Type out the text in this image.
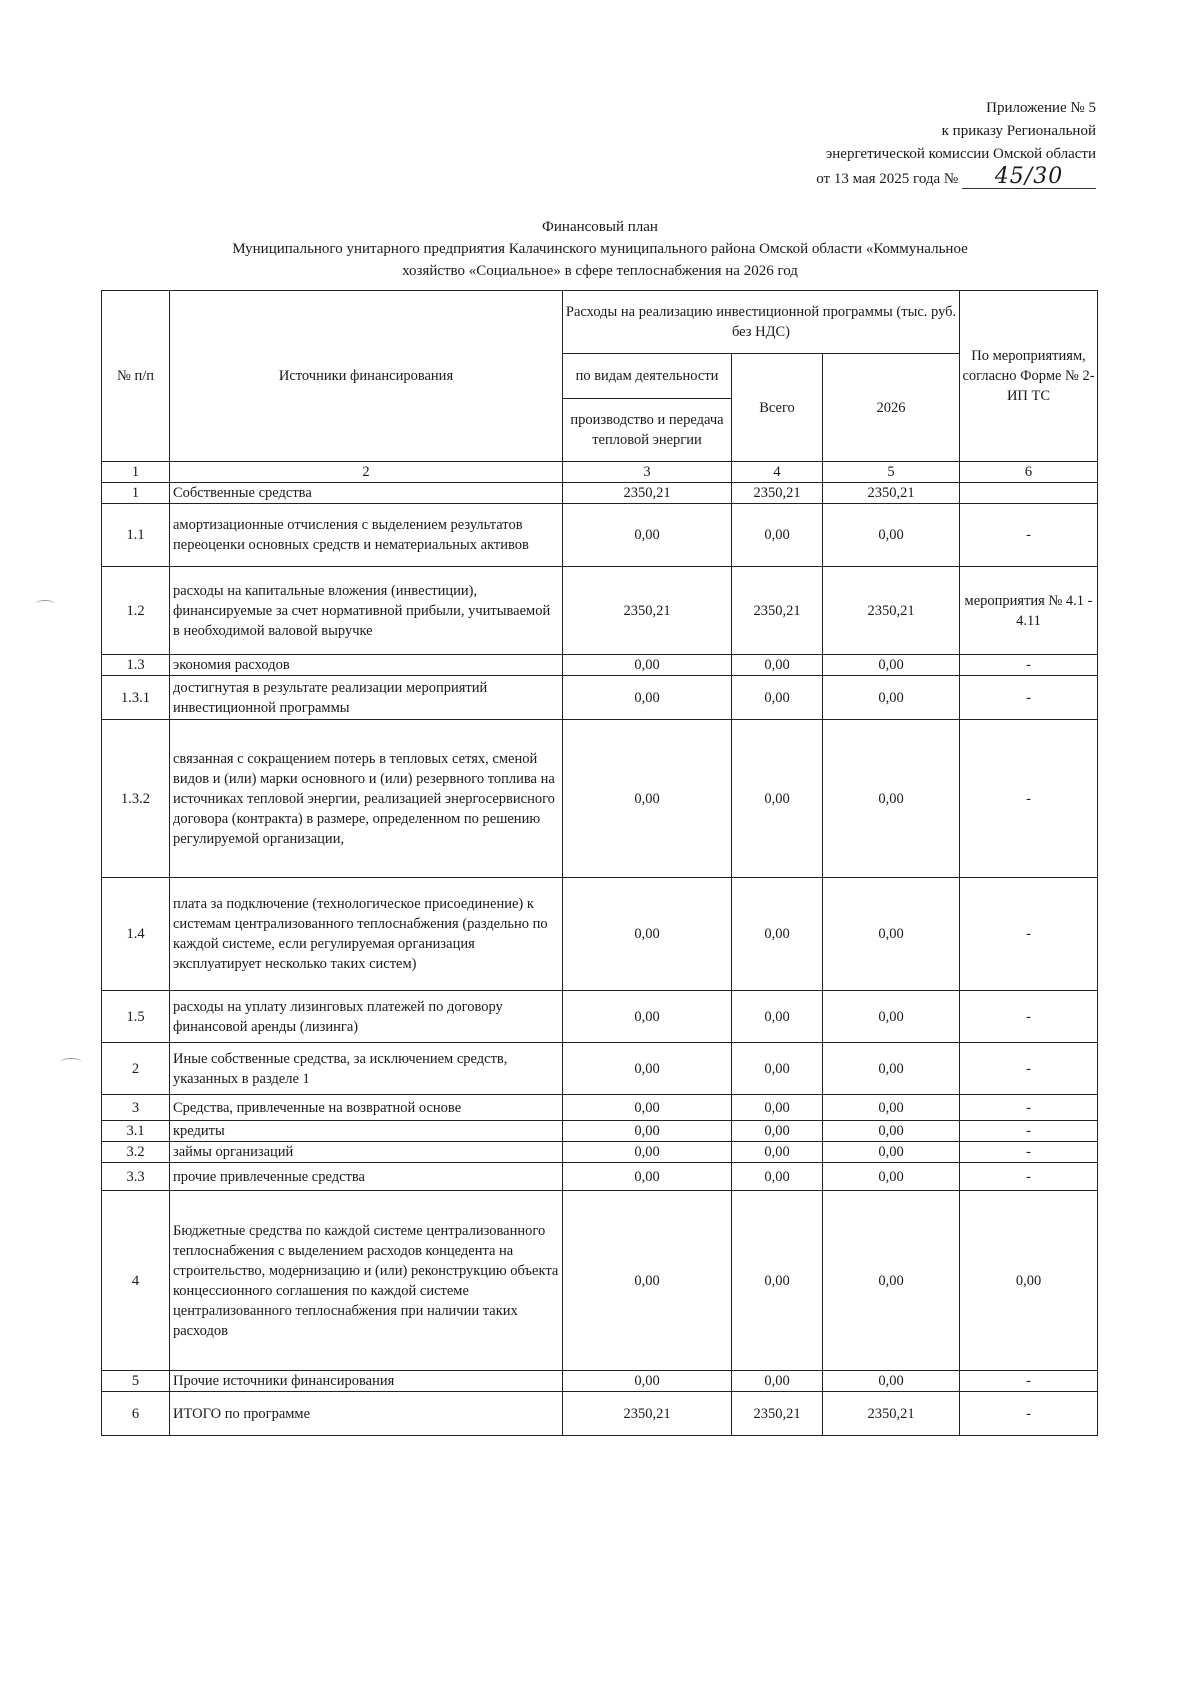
Приложение № 5
к приказу Региональной
энергетической комиссии Омской области
от 13 мая 2025 года № 45/30
Финансовый план
Муниципального унитарного предприятия Калачинского муниципального района Омской области «Коммунальное
хозяйство «Социальное» в сфере теплоснабжения на 2026 год
№ п/п	Источники финансирования	Расходы на реализацию инвестиционной программы (тыс. руб. без НДС)			По мероприятиям, согласно Форме № 2-ИП ТС
		по видам деятельности	Всего	2026	
		производство и передача тепловой энергии			
1	2	3	4	5	6
1	Собственные средства	2350,21	2350,21	2350,21	
1.1	амортизационные отчисления с выделением результатов переоценки основных средств и нематериальных активов	0,00	0,00	0,00	-
1.2	расходы на капитальные вложения (инвестиции), финансируемые за счет нормативной прибыли, учитываемой в необходимой валовой выручке	2350,21	2350,21	2350,21	мероприятия № 4.1 - 4.11
1.3	экономия расходов	0,00	0,00	0,00	-
1.3.1	достигнутая в результате реализации мероприятий инвестиционной программы	0,00	0,00	0,00	-
1.3.2	связанная с сокращением потерь в тепловых сетях, сменой видов и (или) марки основного и (или) резервного топлива на источниках тепловой энергии, реализацией энергосервисного договора (контракта) в размере, определенном по решению регулируемой организации,	0,00	0,00	0,00	-
1.4	плата за подключение (технологическое присоединение) к системам централизованного теплоснабжения (раздельно по каждой системе, если регулируемая организация эксплуатирует несколько таких систем)	0,00	0,00	0,00	-
1.5	расходы на уплату лизинговых платежей по договору финансовой аренды (лизинга)	0,00	0,00	0,00	-
2	Иные собственные средства, за исключением средств, указанных в разделе 1	0,00	0,00	0,00	-
3	Средства, привлеченные на возвратной основе	0,00	0,00	0,00	-
3.1	кредиты	0,00	0,00	0,00	-
3.2	займы организаций	0,00	0,00	0,00	-
3.3	прочие привлеченные средства	0,00	0,00	0,00	-
4	Бюджетные средства по каждой системе централизованного теплоснабжения с выделением расходов концедента на строительство, модернизацию и (или) реконструкцию объекта концессионного соглашения по каждой системе централизованного теплоснабжения при наличии таких расходов	0,00	0,00	0,00	0,00
5	Прочие источники финансирования	0,00	0,00	0,00	-
6	ИТОГО по программе	2350,21	2350,21	2350,21	-
